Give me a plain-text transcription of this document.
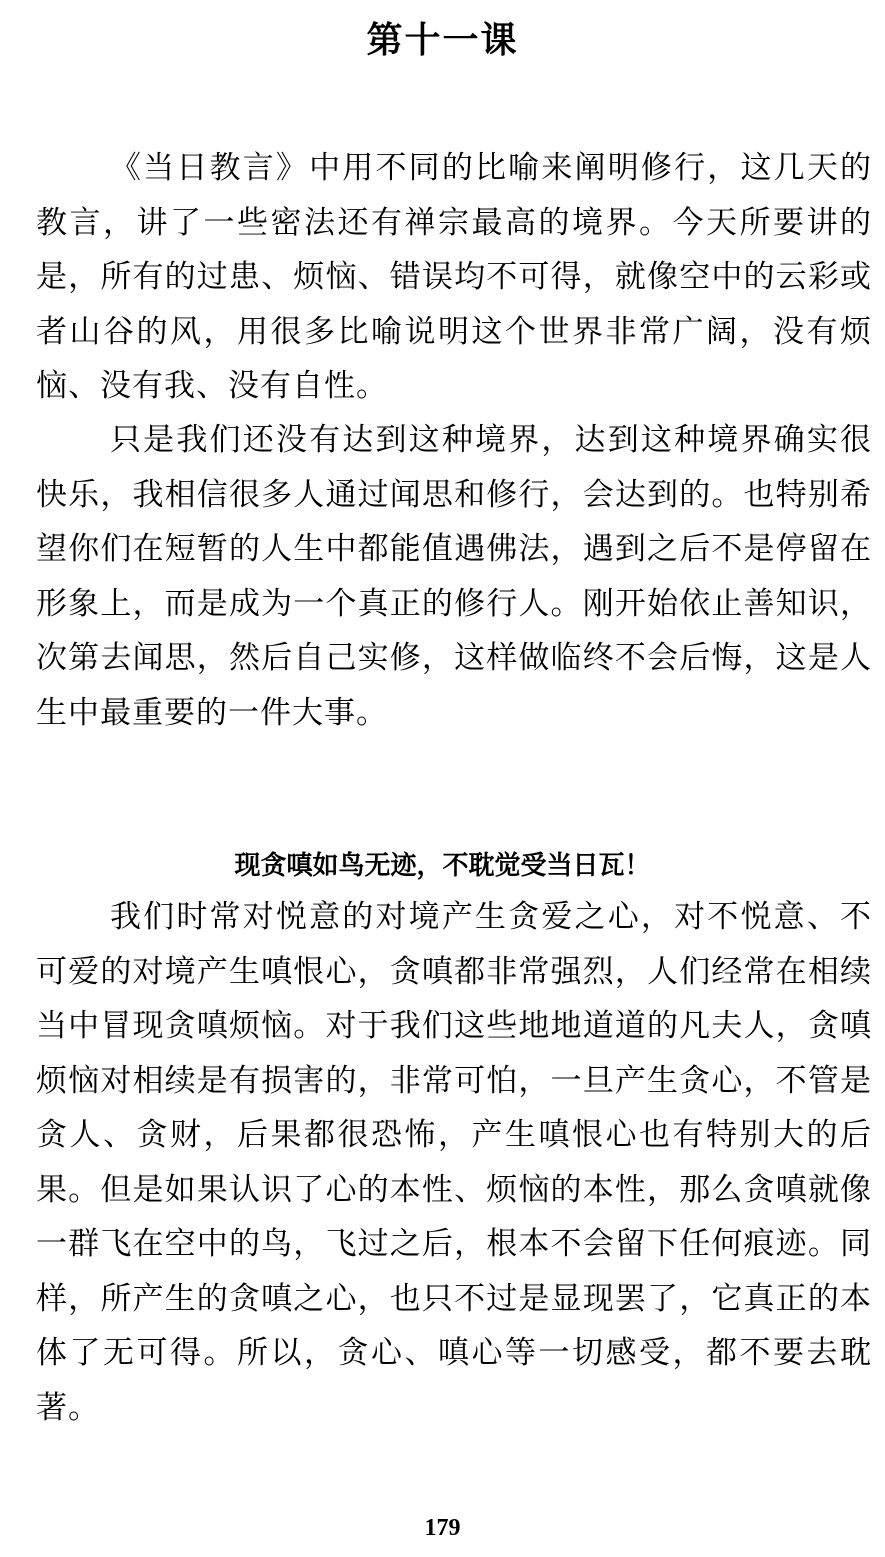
第十一课

《当日教言》中用不同的比喻来阐明修行，这几天的教言，讲了一些密法还有禅宗最高的境界。今天所要讲的是，所有的过患、烦恼、错误均不可得，就像空中的云彩或者山谷的风，用很多比喻说明这个世界非常广阔，没有烦恼、没有我、没有自性。

只是我们还没有达到这种境界，达到这种境界确实很快乐，我相信很多人通过闻思和修行，会达到的。也特别希望你们在短暂的人生中都能值遇佛法，遇到之后不是停留在形象上，而是成为一个真正的修行人。刚开始依止善知识，次第去闻思，然后自己实修，这样做临终不会后悔，这是人生中最重要的一件大事。

现贪嗔如鸟无迹，不耽觉受当日瓦！

我们时常对悦意的对境产生贪爱之心，对不悦意、不可爱的对境产生嗔恨心，贪嗔都非常强烈，人们经常在相续当中冒现贪嗔烦恼。对于我们这些地地道道的凡夫人，贪嗔烦恼对相续是有损害的，非常可怕，一旦产生贪心，不管是贪人、贪财，后果都很恐怖，产生嗔恨心也有特别大的后果。但是如果认识了心的本性、烦恼的本性，那么贪嗔就像一群飞在空中的鸟，飞过之后，根本不会留下任何痕迹。同样，所产生的贪嗔之心，也只不过是显现罢了，它真正的本体了无可得。所以，贪心、嗔心等一切感受，都不要去耽著。

179
